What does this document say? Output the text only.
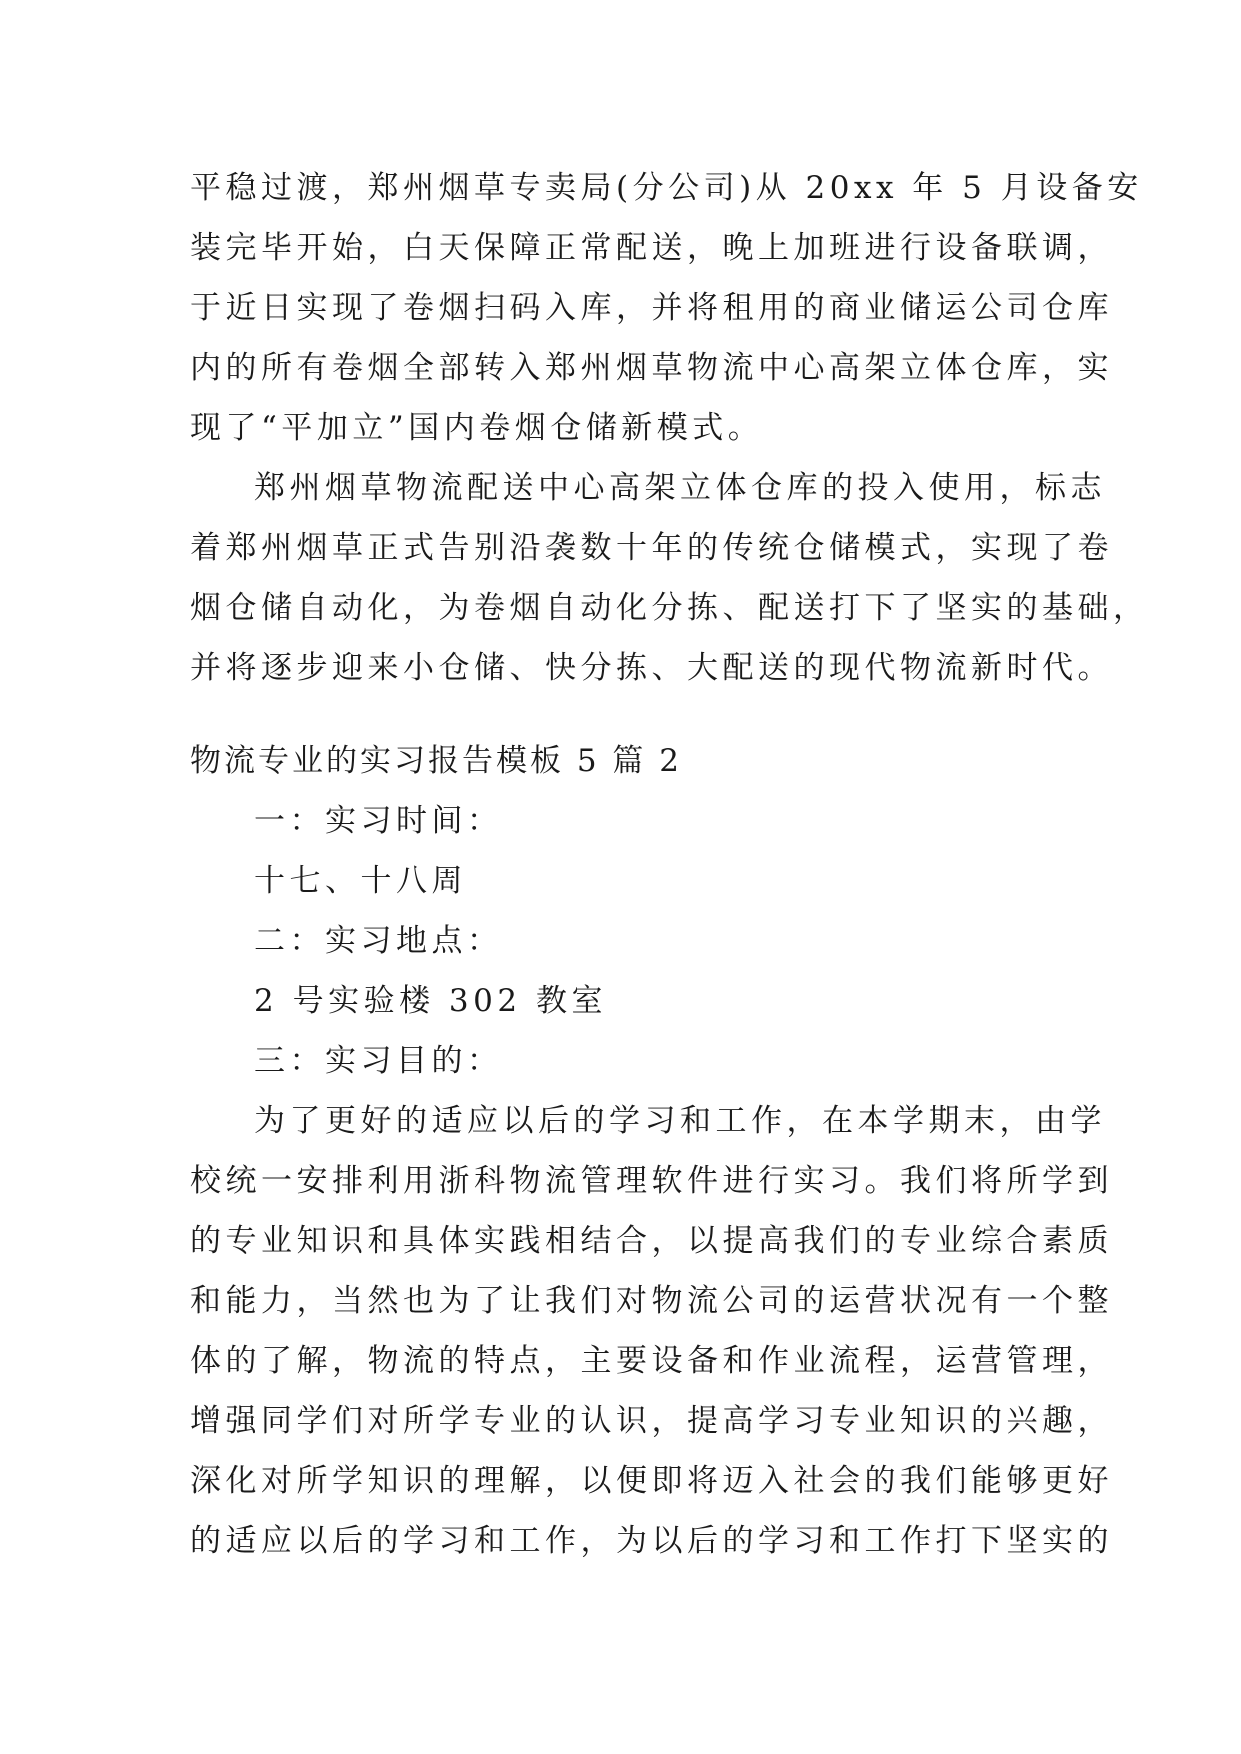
平稳过渡，郑州烟草专卖局(分公司)从 20xx 年 5 月设备安
装完毕开始，白天保障正常配送，晚上加班进行设备联调，
于近日实现了卷烟扫码入库，并将租用的商业储运公司仓库
内的所有卷烟全部转入郑州烟草物流中心高架立体仓库，实
现了“平加立”国内卷烟仓储新模式。
郑州烟草物流配送中心高架立体仓库的投入使用，标志
着郑州烟草正式告别沿袭数十年的传统仓储模式，实现了卷
烟仓储自动化，为卷烟自动化分拣、配送打下了坚实的基础，
并将逐步迎来小仓储、快分拣、大配送的现代物流新时代。
物流专业的实习报告模板 5 篇 2
一：实习时间：
十七、十八周
二：实习地点：
2 号实验楼 302 教室
三：实习目的：
为了更好的适应以后的学习和工作，在本学期末，由学
校统一安排利用浙科物流管理软件进行实习。我们将所学到
的专业知识和具体实践相结合，以提高我们的专业综合素质
和能力，当然也为了让我们对物流公司的运营状况有一个整
体的了解，物流的特点，主要设备和作业流程，运营管理，
增强同学们对所学专业的认识，提高学习专业知识的兴趣，
深化对所学知识的理解，以便即将迈入社会的我们能够更好
的适应以后的学习和工作，为以后的学习和工作打下坚实的
